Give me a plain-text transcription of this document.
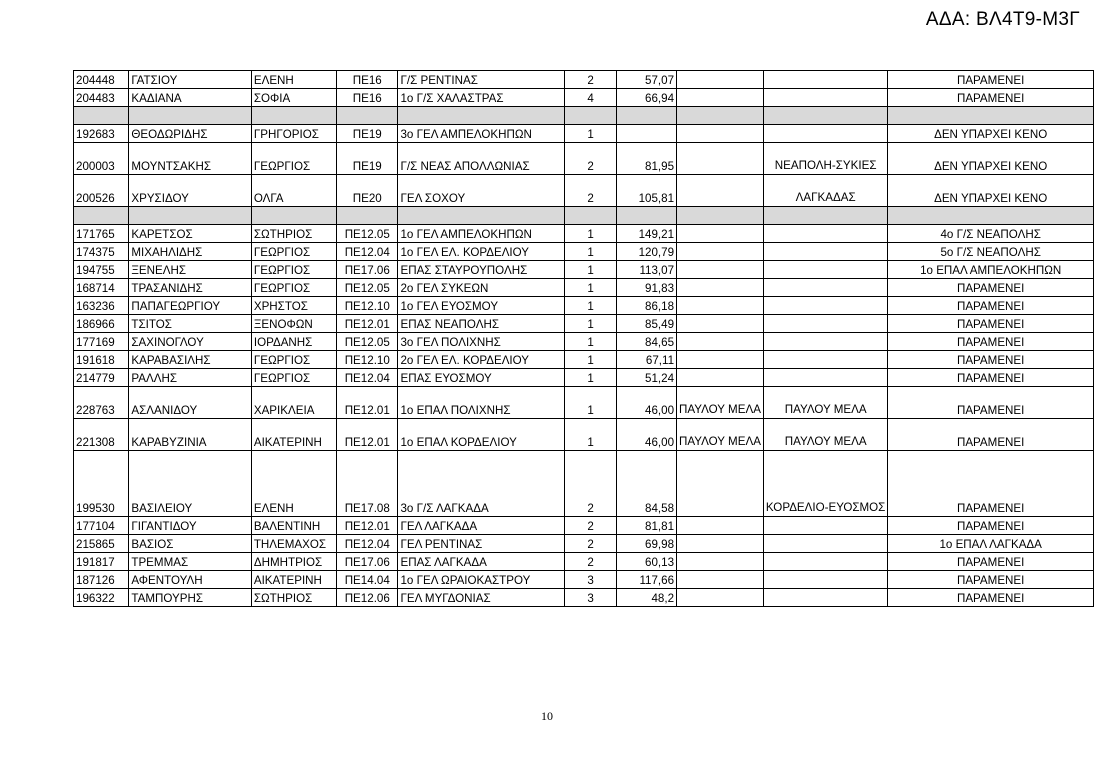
ΑΔΑ: ΒΛ4Τ9-Μ3Γ
204448	ΓΑΤΣΙΟΥ	ΕΛΕΝΗ	ΠΕ16	Γ/Σ ΡΕΝΤΙΝΑΣ	2	57,07			ΠΑΡΑΜΕΝΕΙ
204483	ΚΑΔΙΑΝΑ	ΣΟΦΙΑ	ΠΕ16	1ο Γ/Σ ΧΑΛΑΣΤΡΑΣ	4	66,94			ΠΑΡΑΜΕΝΕΙ

192683	ΘΕΟΔΩΡΙΔΗΣ	ΓΡΗΓΟΡΙΟΣ	ΠΕ19	3ο ΓΕΛ ΑΜΠΕΛΟΚΗΠΩΝ	1				ΔΕΝ ΥΠΑΡΧΕΙ ΚΕΝΟ
200003	ΜΟΥΝΤΣΑΚΗΣ	ΓΕΩΡΓΙΟΣ	ΠΕ19	Γ/Σ ΝΕΑΣ ΑΠΟΛΛΩΝΙΑΣ	2	81,95		ΝΕΑΠΟΛΗ-ΣΥΚΙΕΣ	ΔΕΝ ΥΠΑΡΧΕΙ ΚΕΝΟ
200526	ΧΡΥΣΙΔΟΥ	ΟΛΓΑ	ΠΕ20	ΓΕΛ ΣΟΧΟΥ	2	105,81		ΛΑΓΚΑΔΑΣ	ΔΕΝ ΥΠΑΡΧΕΙ ΚΕΝΟ

171765	ΚΑΡΕΤΣΟΣ	ΣΩΤΗΡΙΟΣ	ΠΕ12.05	1ο ΓΕΛ ΑΜΠΕΛΟΚΗΠΩΝ	1	149,21			4ο Γ/Σ ΝΕΑΠΟΛΗΣ
174375	ΜΙΧΑΗΛΙΔΗΣ	ΓΕΩΡΓΙΟΣ	ΠΕ12.04	1ο ΓΕΛ ΕΛ. ΚΟΡΔΕΛΙΟΥ	1	120,79			5ο Γ/Σ ΝΕΑΠΟΛΗΣ
194755	ΞΕΝΕΛΗΣ	ΓΕΩΡΓΙΟΣ	ΠΕ17.06	ΕΠΑΣ ΣΤΑΥΡΟΥΠΟΛΗΣ	1	113,07			1ο ΕΠΑΛ ΑΜΠΕΛΟΚΗΠΩΝ
168714	ΤΡΑΣΑΝΙΔΗΣ	ΓΕΩΡΓΙΟΣ	ΠΕ12.05	2ο ΓΕΛ ΣΥΚΕΩΝ	1	91,83			ΠΑΡΑΜΕΝΕΙ
163236	ΠΑΠΑΓΕΩΡΓΙΟΥ	ΧΡΗΣΤΟΣ	ΠΕ12.10	1ο ΓΕΛ ΕΥΟΣΜΟΥ	1	86,18			ΠΑΡΑΜΕΝΕΙ
186966	ΤΣΙΤΟΣ	ΞΕΝΟΦΩΝ	ΠΕ12.01	ΕΠΑΣ ΝΕΑΠΟΛΗΣ	1	85,49			ΠΑΡΑΜΕΝΕΙ
177169	ΣΑΧΙΝΟΓΛΟΥ	ΙΟΡΔΑΝΗΣ	ΠΕ12.05	3ο ΓΕΛ ΠΟΛΙΧΝΗΣ	1	84,65			ΠΑΡΑΜΕΝΕΙ
191618	ΚΑΡΑΒΑΣΙΛΗΣ	ΓΕΩΡΓΙΟΣ	ΠΕ12.10	2ο ΓΕΛ ΕΛ. ΚΟΡΔΕΛΙΟΥ	1	67,11			ΠΑΡΑΜΕΝΕΙ
214779	ΡΑΛΛΗΣ	ΓΕΩΡΓΙΟΣ	ΠΕ12.04	ΕΠΑΣ ΕΥΟΣΜΟΥ	1	51,24			ΠΑΡΑΜΕΝΕΙ
228763	ΑΣΛΑΝΙΔΟΥ	ΧΑΡΙΚΛΕΙΑ	ΠΕ12.01	1ο ΕΠΑΛ ΠΟΛΙΧΝΗΣ	1	46,00	ΠΑΥΛΟΥ ΜΕΛΑ	ΠΑΥΛΟΥ ΜΕΛΑ	ΠΑΡΑΜΕΝΕΙ
221308	ΚΑΡΑΒΥΖΙΝΙΑ	ΑΙΚΑΤΕΡΙΝΗ	ΠΕ12.01	1ο ΕΠΑΛ ΚΟΡΔΕΛΙΟΥ	1	46,00	ΠΑΥΛΟΥ ΜΕΛΑ	ΠΑΥΛΟΥ ΜΕΛΑ	ΠΑΡΑΜΕΝΕΙ
199530	ΒΑΣΙΛΕΙΟΥ	ΕΛΕΝΗ	ΠΕ17.08	3ο Γ/Σ ΛΑΓΚΑΔΑ	2	84,58		ΚΟΡΔΕΛΙΟ-ΕΥΟΣΜΟΣ	ΠΑΡΑΜΕΝΕΙ
177104	ΓΙΓΑΝΤΙΔΟΥ	ΒΑΛΕΝΤΙΝΗ	ΠΕ12.01	ΓΕΛ ΛΑΓΚΑΔΑ	2	81,81			ΠΑΡΑΜΕΝΕΙ
215865	ΒΑΣΙΟΣ	ΤΗΛΕΜΑΧΟΣ	ΠΕ12.04	ΓΕΛ ΡΕΝΤΙΝΑΣ	2	69,98			1ο ΕΠΑΛ ΛΑΓΚΑΔΑ
191817	ΤΡΕΜΜΑΣ	ΔΗΜΗΤΡΙΟΣ	ΠΕ17.06	ΕΠΑΣ ΛΑΓΚΑΔΑ	2	60,13			ΠΑΡΑΜΕΝΕΙ
187126	ΑΦΕΝΤΟΥΛΗ	ΑΙΚΑΤΕΡΙΝΗ	ΠΕ14.04	1ο ΓΕΛ ΩΡΑΙΟΚΑΣΤΡΟΥ	3	117,66			ΠΑΡΑΜΕΝΕΙ
196322	ΤΑΜΠΟΥΡΗΣ	ΣΩΤΗΡΙΟΣ	ΠΕ12.06	ΓΕΛ ΜΥΓΔΟΝΙΑΣ	3	48,2			ΠΑΡΑΜΕΝΕΙ
10
